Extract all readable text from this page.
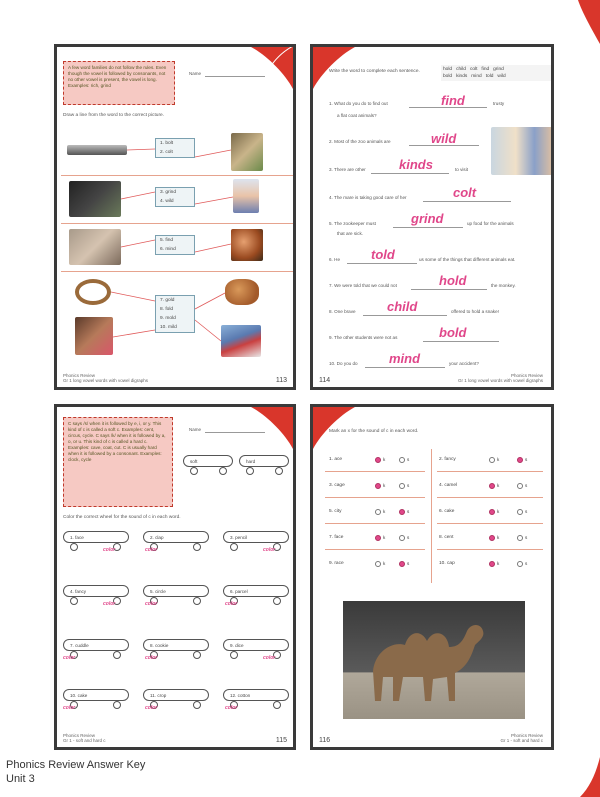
A few word families do not follow the rules. Even though the vowel is followed by consonants, not no other vowel is present, the vowel is long. Examples: rich, grind
Name
Draw a line from the word to the correct picture.
1. bolt
2. colt
3. grind
4. wild
5. find
6. mind
7. gold
8. fold
9. mold
10. mild
Phonics Review
Gr 1 long vowel words with vowel digraphs	113
Write the word to complete each sentence.	hold child colt find grind
bold kinds mind told wild
1. What do you do to find out	trusty
a flat coat animals?
find
2. Most of the zoo animals are	wild
3. There are other	to visit
kinds
4. The mare is taking good care of her	colt
5. The zookeeper must	up food for the animals
that are sick.
grind
6. He	us some of the things that different animals eat.
told
7. We were told that we could not	the monkey.
hold
8. One brave	offered to hold a snake!
child
9. The other students were not as	bold
10. Do you do	your accident?
mind
114
Phonics Review
Gr 1 long vowel words with vowel digraphs
C says /s/ when it is followed by e, i, or y. This kind of c is called a soft c. Examples: cent, circus, cycle. C says /k/ when it is followed by a, o, or u. This kind of c is called a hard c. Examples: cave, coat, cut. C is usually hard when it is followed by a consonant. Examples: clock, cycle
Name
soft	hard
Color the correct wheel for the sound of c in each word.
1. face
color
2. clap
color
3. pencil
color
4. fancy
color
5. circle
color
6. parcel
color
7. cuddle
color
8. cookie
color
9. dice
color
10. cake
color
11. crop
color
12. cotton
color
Phonics Review
Gr 1 - soft and hard c	115
Mark an x for the sound of c in each word.
1. ace	k	s
3. cage	k	s
5. city	k	s
7. face	k	s
9. race	k	s
2. fancy	k	s
4. camel	k	s
6. cake	k	s
8. cent	k	s
10. cap	k	s
116
Phonics Review
Gr 1 - soft and hard c
Phonics Review Answer Key
Unit 3
